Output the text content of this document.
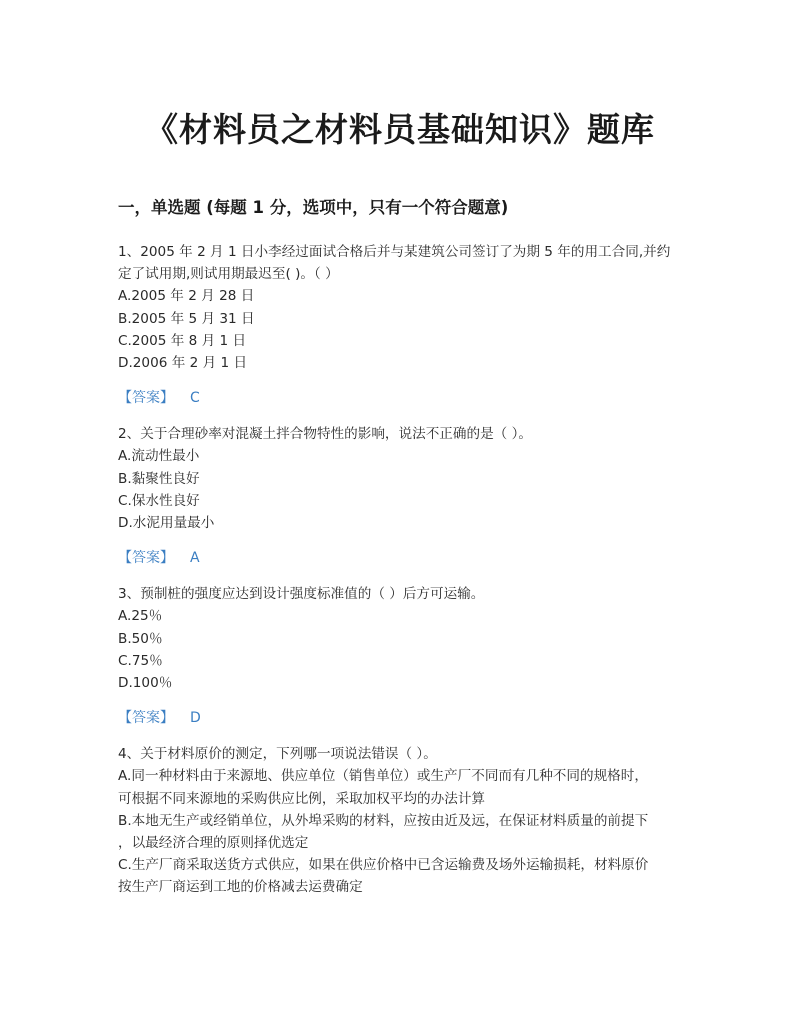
《材料员之材料员基础知识》题库
一，单选题 (每题 1 分，选项中，只有一个符合题意)
1、2005 年 2 月 1 日小李经过面试合格后并与某建筑公司签订了为期 5 年的用工合同,并约
定了试用期,则试用期最迟至( )。（ ）
A.2005 年 2 月 28 日
B.2005 年 5 月 31 日
C.2005 年 8 月 1 日
D.2006 年 2 月 1 日
【答案】 C
2、关于合理砂率对混凝土拌合物特性的影响，说法不正确的是（ ）。
A.流动性最小
B.黏聚性良好
C.保水性良好
D.水泥用量最小
【答案】 A
3、预制桩的强度应达到设计强度标准值的（ ）后方可运输。
A.25％
B.50％
C.75％
D.100％
【答案】 D
4、关于材料原价的测定，下列哪一项说法错误（ ）。
A.同一种材料由于来源地、供应单位（销售单位）或生产厂不同而有几种不同的规格时，
可根据不同来源地的采购供应比例，采取加权平均的办法计算
B.本地无生产或经销单位，从外埠采购的材料，应按由近及远，在保证材料质量的前提下
，以最经济合理的原则择优选定
C.生产厂商采取送货方式供应，如果在供应价格中已含运输费及场外运输损耗，材料原价
按生产厂商运到工地的价格减去运费确定
